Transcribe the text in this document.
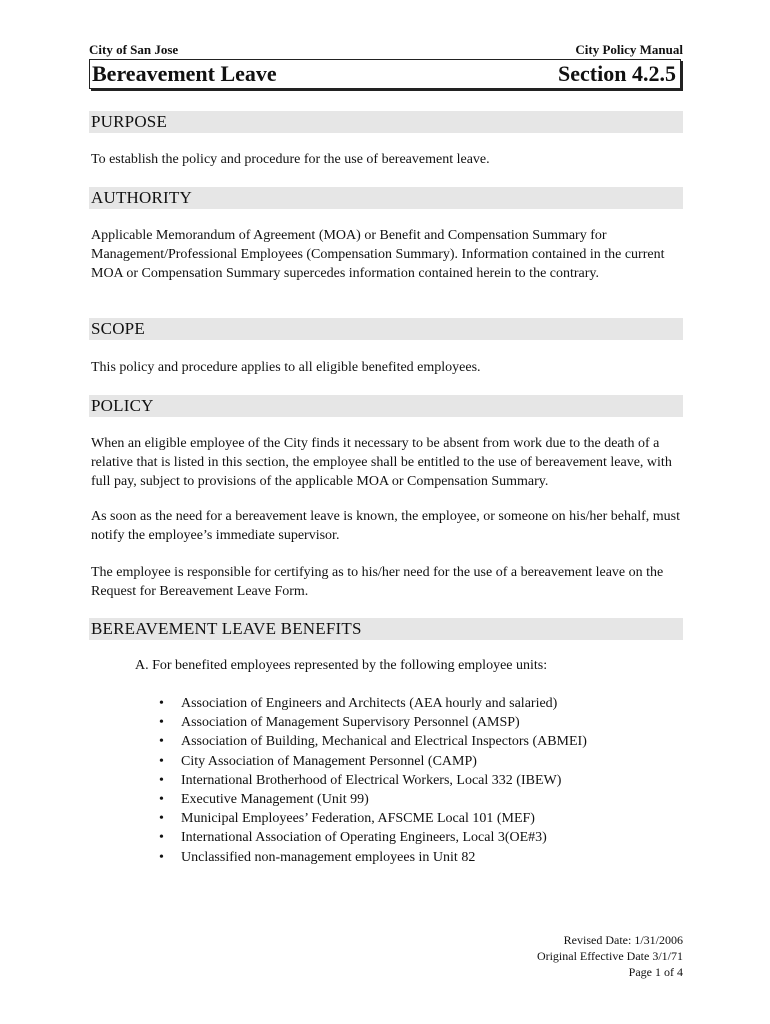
City of San Jose	City Policy Manual
Bereavement Leave	Section 4.2.5
PURPOSE
To establish the policy and procedure for the use of bereavement leave.
AUTHORITY
Applicable Memorandum of Agreement (MOA) or Benefit and Compensation Summary for Management/Professional Employees (Compensation Summary). Information contained in the current MOA or Compensation Summary supercedes information contained herein to the contrary.
SCOPE
This policy and procedure applies to all eligible benefited employees.
POLICY
When an eligible employee of the City finds it necessary to be absent from work due to the death of a relative that is listed in this section, the employee shall be entitled to the use of bereavement leave, with full pay, subject to provisions of the applicable MOA or Compensation Summary.
As soon as the need for a bereavement leave is known, the employee, or someone on his/her behalf, must notify the employee’s immediate supervisor.
The employee is responsible for certifying as to his/her need for the use of a bereavement leave on the Request for Bereavement Leave Form.
BEREAVEMENT LEAVE BENEFITS
A. For benefited employees represented by the following employee units:
• Association of Engineers and Architects (AEA hourly and salaried)
• Association of Management Supervisory Personnel (AMSP)
• Association of Building, Mechanical and Electrical Inspectors (ABMEI)
• City Association of Management Personnel (CAMP)
• International Brotherhood of Electrical Workers, Local 332 (IBEW)
• Executive Management (Unit 99)
• Municipal Employees’ Federation, AFSCME Local 101 (MEF)
• International Association of Operating Engineers, Local 3(OE#3)
• Unclassified non-management employees in Unit 82
Revised Date: 1/31/2006
Original Effective Date 3/1/71
Page 1 of 4
